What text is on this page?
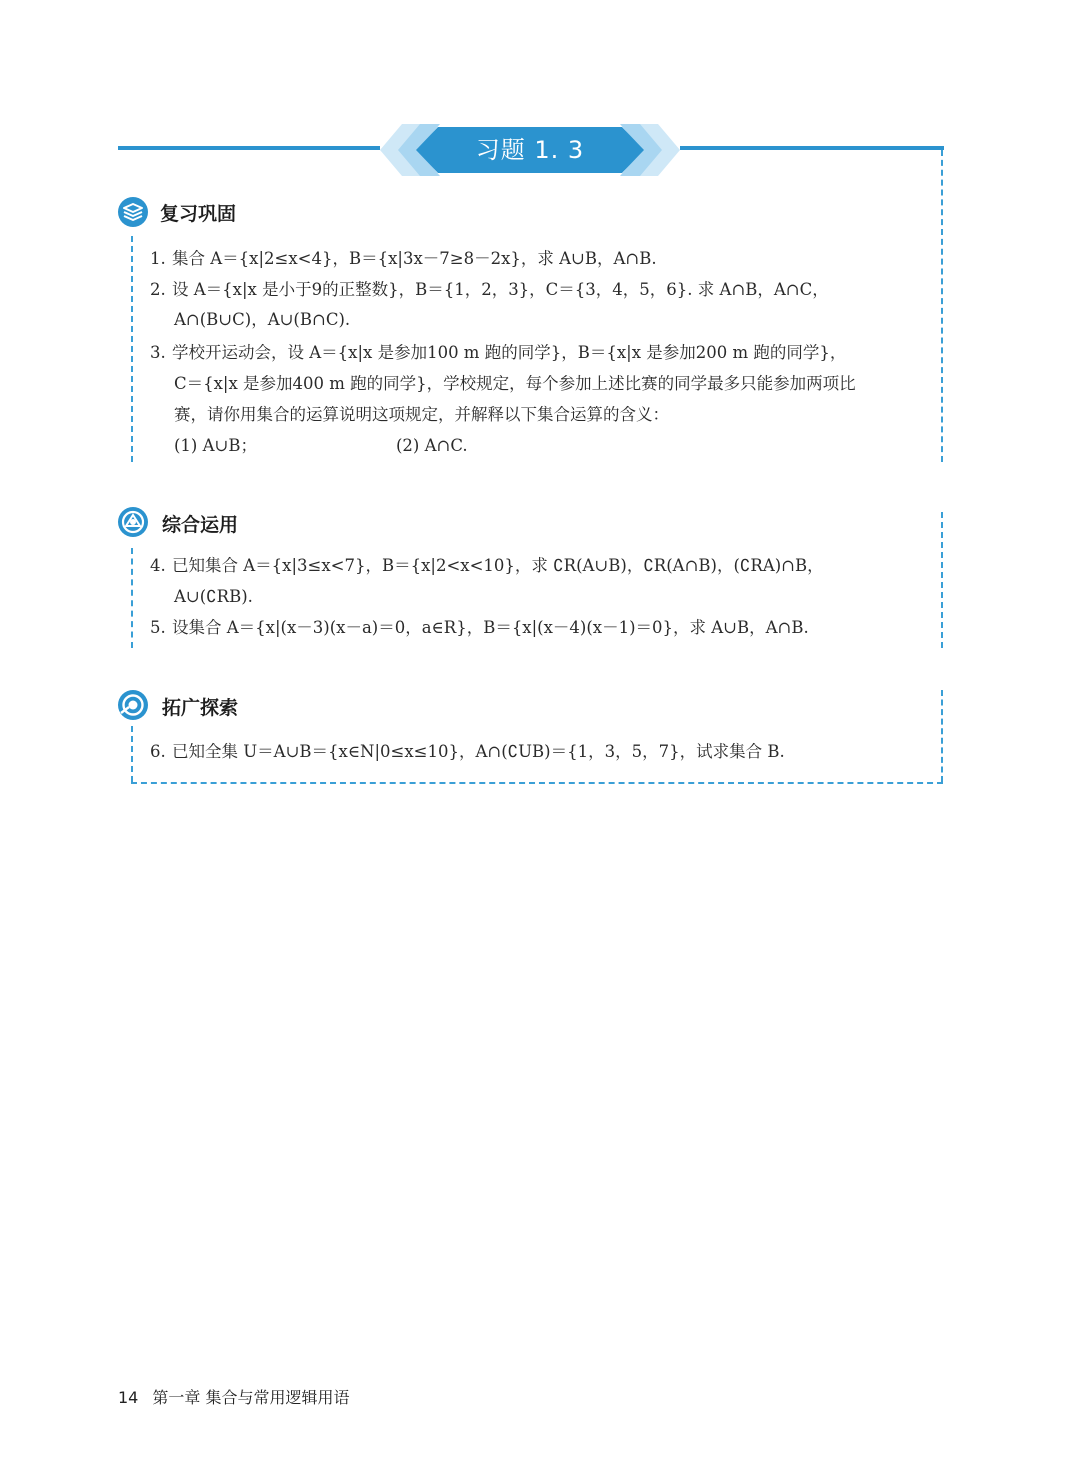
习题 1. 3
复习巩固
1. 集合 A＝{x|2≤x<4}，B＝{x|3x－7≥8－2x}，求 A∪B，A∩B.
2. 设 A＝{x|x 是小于9的正整数}，B＝{1，2，3}，C＝{3，4，5，6}. 求 A∩B，A∩C，
A∩(B∪C)，A∪(B∩C).
3. 学校开运动会，设 A＝{x|x 是参加100 m 跑的同学}，B＝{x|x 是参加200 m 跑的同学}，
C＝{x|x 是参加400 m 跑的同学}，学校规定，每个参加上述比赛的同学最多只能参加两项比
赛，请你用集合的运算说明这项规定，并解释以下集合运算的含义：
(1) A∪B；	(2) A∩C.
综合运用
4. 已知集合 A＝{x|3≤x<7}，B＝{x|2<x<10}，求 ∁R(A∪B)，∁R(A∩B)，(∁RA)∩B，
A∪(∁RB).
5. 设集合 A＝{x|(x－3)(x－a)＝0，a∈R}，B＝{x|(x－4)(x－1)＝0}，求 A∪B，A∩B.
拓广探索
6. 已知全集 U＝A∪B＝{x∈N|0≤x≤10}，A∩(∁UB)＝{1，3，5，7}，试求集合 B.
14 第一章 集合与常用逻辑用语
